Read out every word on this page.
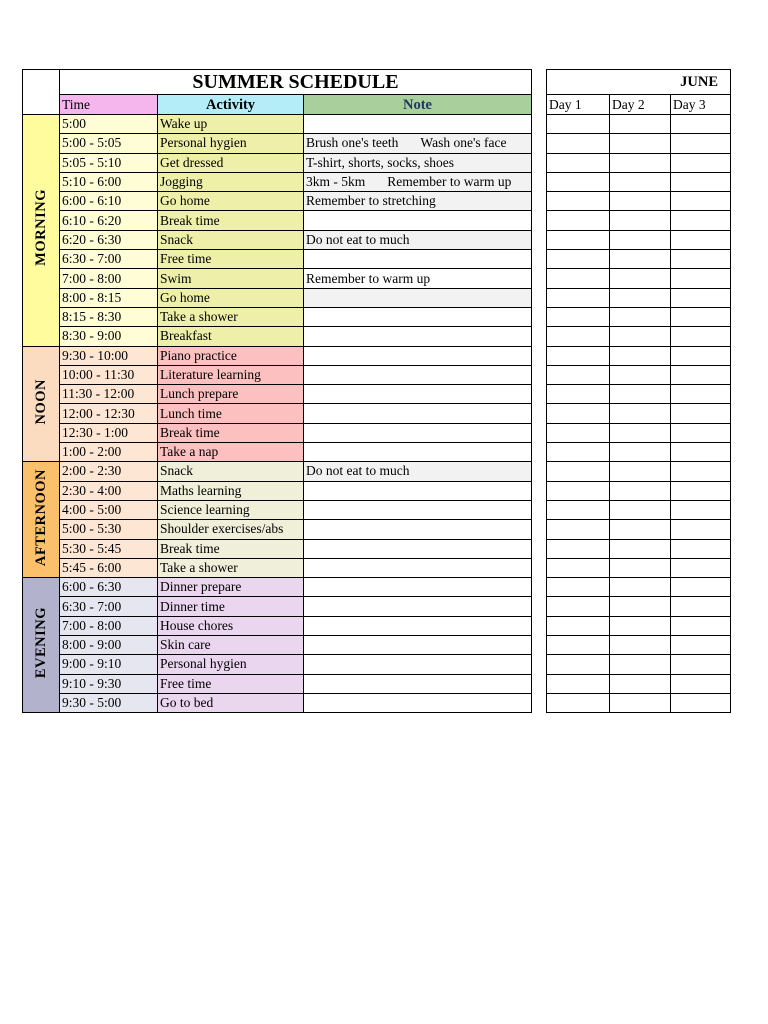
	SUMMER SCHEDULE		
	Time	Activity	Note
MORNING	5:00	Wake up	
	5:00 - 5:05	Personal hygien	Brush one's teeth Wash one's face
	5:05 - 5:10	Get dressed	T-shirt, shorts, socks, shoes
	5:10 - 6:00	Jogging	3km - 5km Remember to warm up
	6:00 - 6:10	Go home	Remember to stretching
	6:10 - 6:20	Break time	
	6:20 - 6:30	Snack	Do not eat to much
	6:30 - 7:00	Free time	
	7:00 - 8:00	Swim	Remember to warm up
	8:00 - 8:15	Go home	
	8:15 - 8:30	Take a shower	
	8:30 - 9:00	Breakfast	
NOON	9:30 - 10:00	Piano practice	
	10:00 - 11:30	Literature learning	
	11:30 - 12:00	Lunch prepare	
	12:00 - 12:30	Lunch time	
	12:30 - 1:00	Break time	
	1:00 - 2:00	Take a nap	
AFTERNOON	2:00 - 2:30	Snack	Do not eat to much
	2:30 - 4:00	Maths learning	
	4:00 - 5:00	Science learning	
	5:00 - 5:30	Shoulder exercises/abs	
	5:30 - 5:45	Break time	
	5:45 - 6:00	Take a shower	
EVENING	6:00 - 6:30	Dinner prepare	
	6:30 - 7:00	Dinner time	
	7:00 - 8:00	House chores	
	8:00 - 9:00	Skin care	
	9:00 - 9:10	Personal hygien	
	9:10 - 9:30	Free time	
	9:30 - 5:00	Go to bed	
JUNE		
Day 1	Day 2	Day 3
